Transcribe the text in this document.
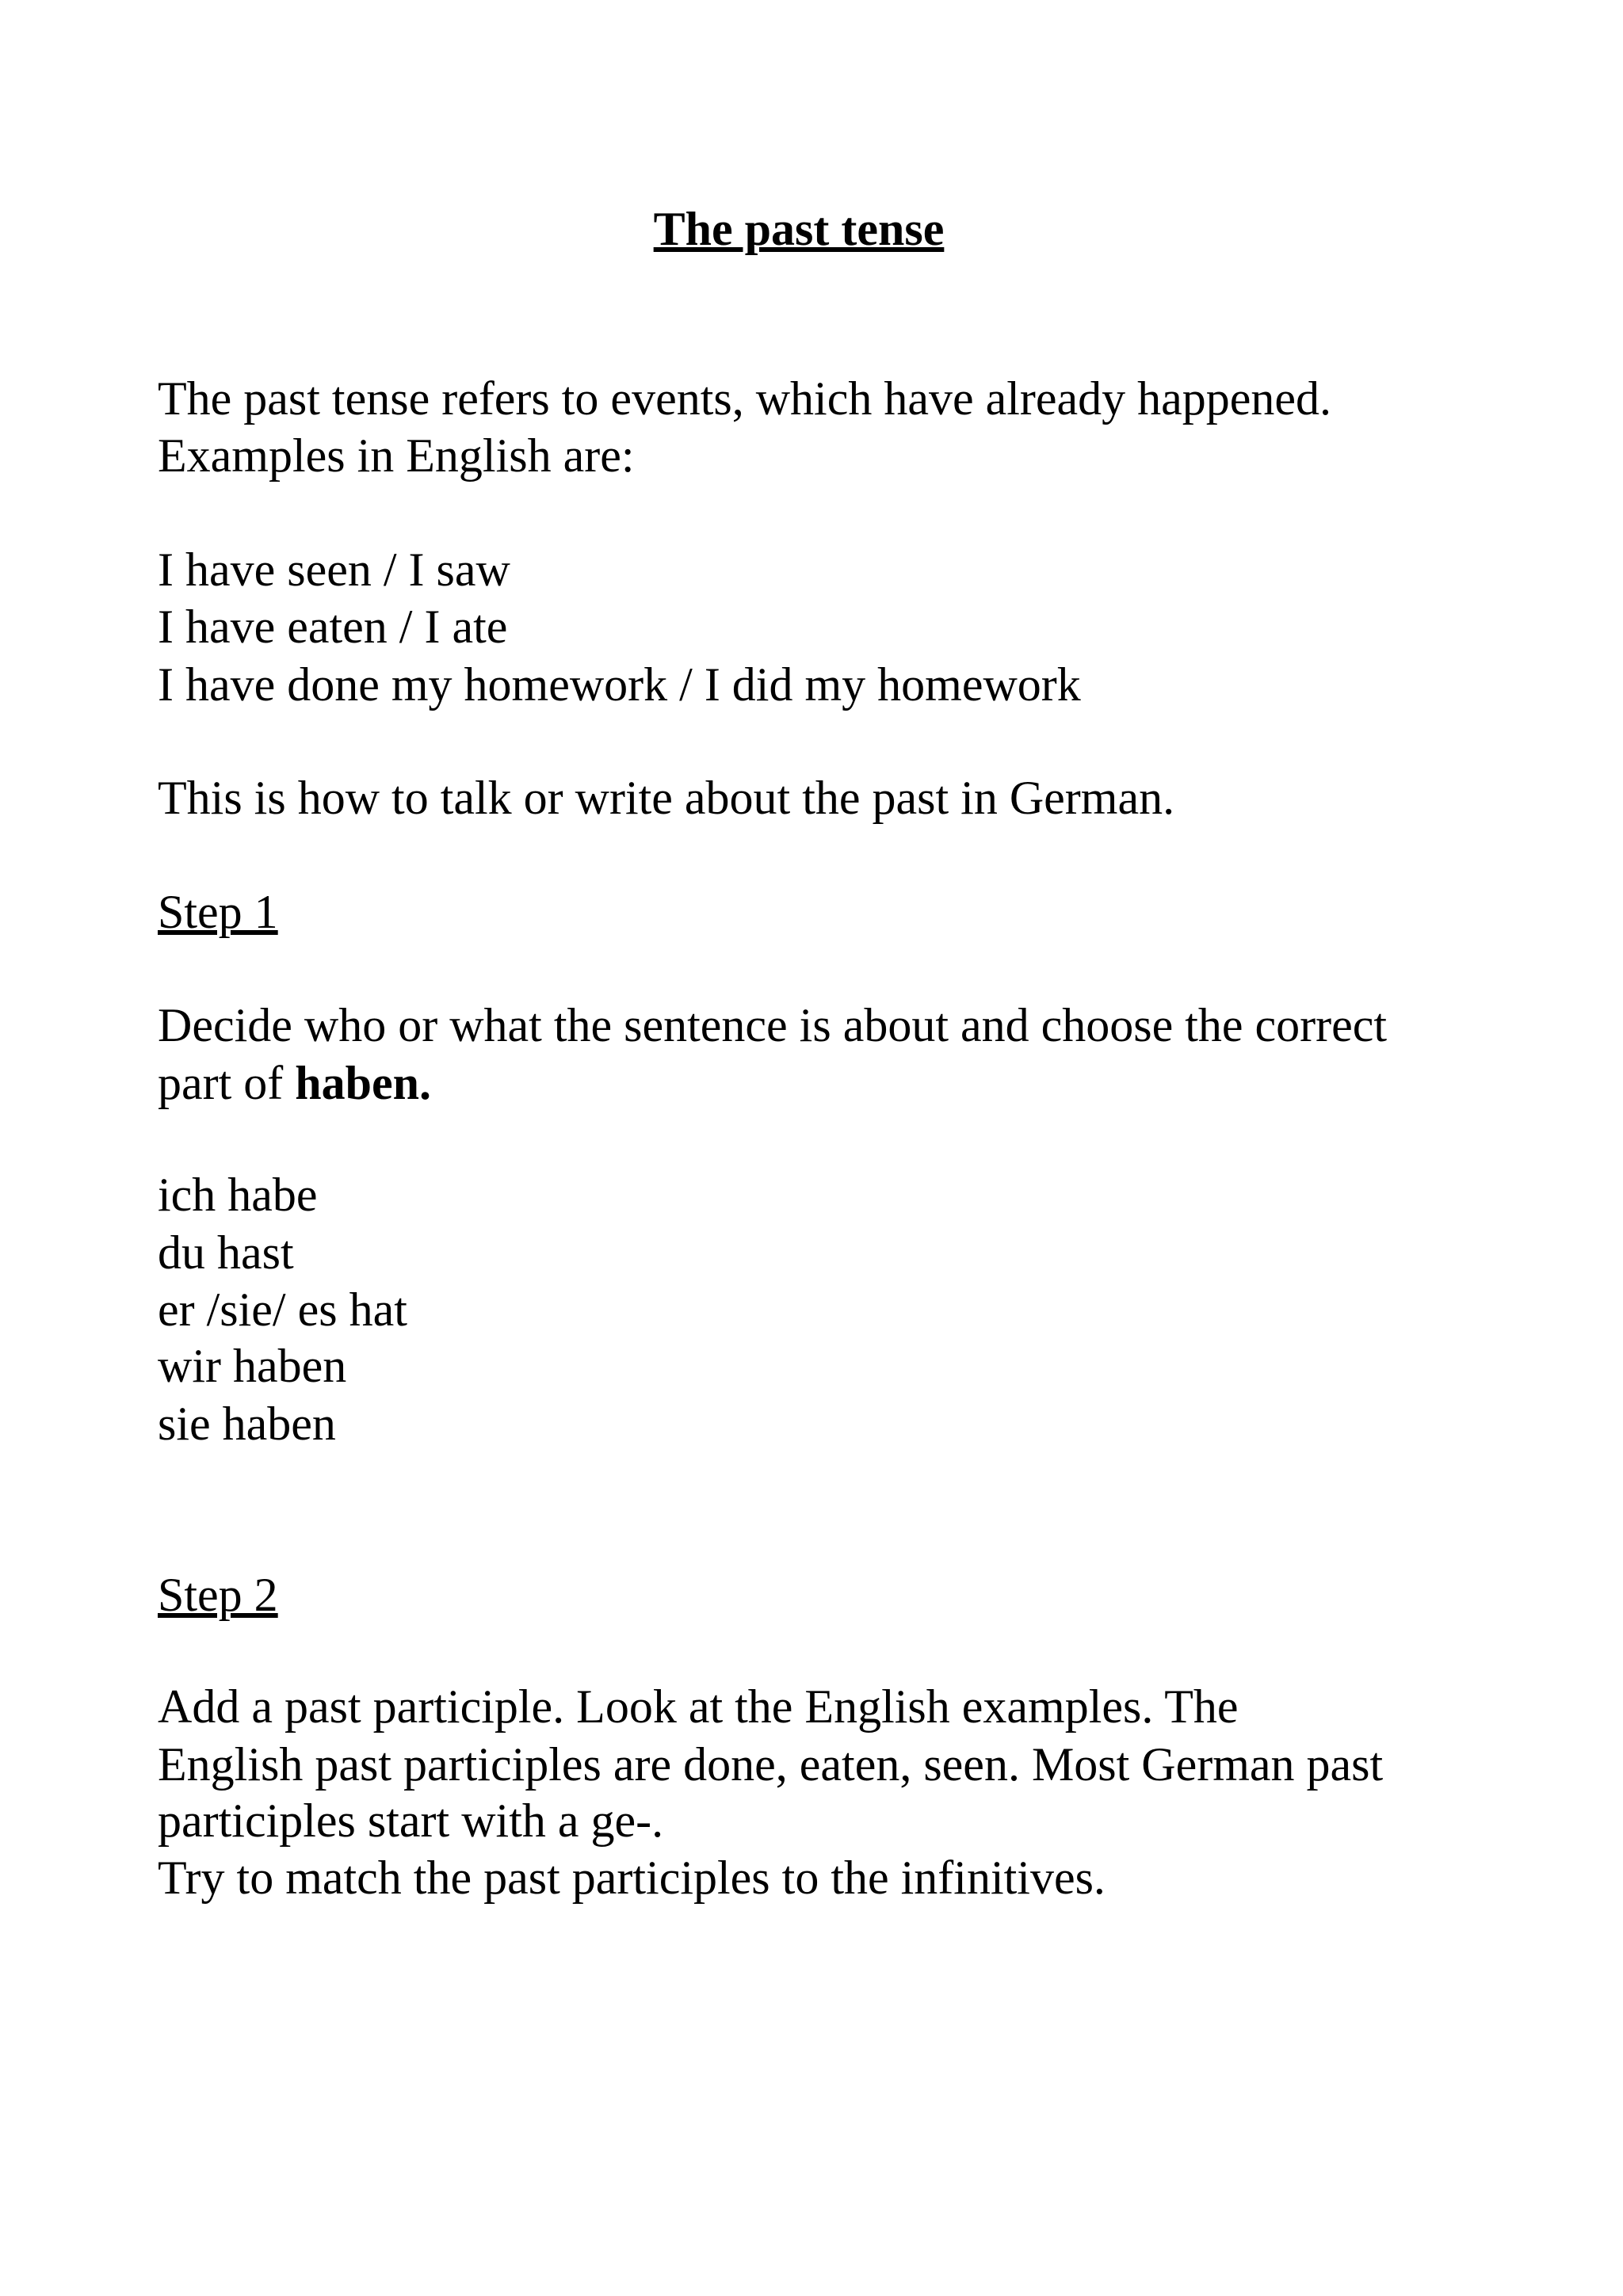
The past tense
The past tense refers to events, which have already happened.
Examples in English are:
I have seen / I saw
I have eaten / I ate
I have done my homework / I did my homework
This is how to talk or write about the past in German.
Step 1
Decide who or what the sentence is about and choose the correct
part of haben.
ich habe
du hast
er /sie/ es hat
wir haben
sie haben
Step 2
Add a past participle. Look at the English examples. The
English past participles are done, eaten, seen. Most German past
participles start with a ge-.
Try to match the past participles to the infinitives.
